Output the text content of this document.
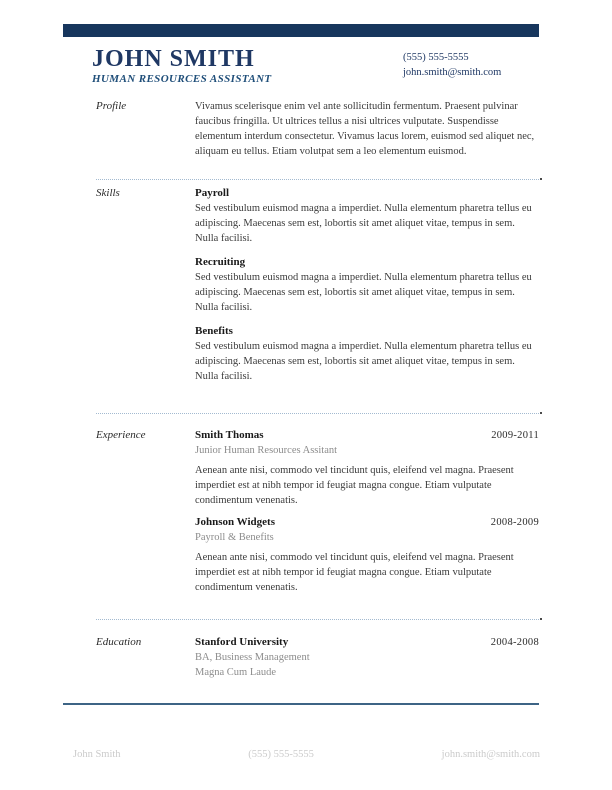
JOHN SMITH
HUMAN RESOURCES ASSISTANT
(555) 555-5555
john.smith@smith.com
Profile	Vivamus scelerisque enim vel ante sollicitudin fermentum. Praesent pulvinar faucibus fringilla. Ut ultrices tellus a nisi ultrices vulputate. Suspendisse elementum interdum consectetur. Vivamus lacus lorem, euismod sed aliquet nec, aliquam eu tellus. Etiam volutpat sem a leo elementum euismod.
Skills	Payroll
Sed vestibulum euismod magna a imperdiet. Nulla elementum pharetra tellus eu adipiscing. Maecenas sem est, lobortis sit amet aliquet vitae, tempus in sem. Nulla facilisi.
Recruiting
Sed vestibulum euismod magna a imperdiet. Nulla elementum pharetra tellus eu adipiscing. Maecenas sem est, lobortis sit amet aliquet vitae, tempus in sem. Nulla facilisi.
Benefits
Sed vestibulum euismod magna a imperdiet. Nulla elementum pharetra tellus eu adipiscing. Maecenas sem est, lobortis sit amet aliquet vitae, tempus in sem. Nulla facilisi.
Experience	Smith Thomas	2009-2011
Junior Human Resources Assitant
Aenean ante nisi, commodo vel tincidunt quis, eleifend vel magna. Praesent imperdiet est at nibh tempor id feugiat magna congue. Etiam vulputate condimentum venenatis.
Johnson Widgets	2008-2009
Payroll & Benefits
Aenean ante nisi, commodo vel tincidunt quis, eleifend vel magna. Praesent imperdiet est at nibh tempor id feugiat magna congue. Etiam vulputate condimentum venenatis.
Education	Stanford University	2004-2008
BA, Business Management
Magna Cum Laude
John Smith	(555) 555-5555	john.smith@smith.com
